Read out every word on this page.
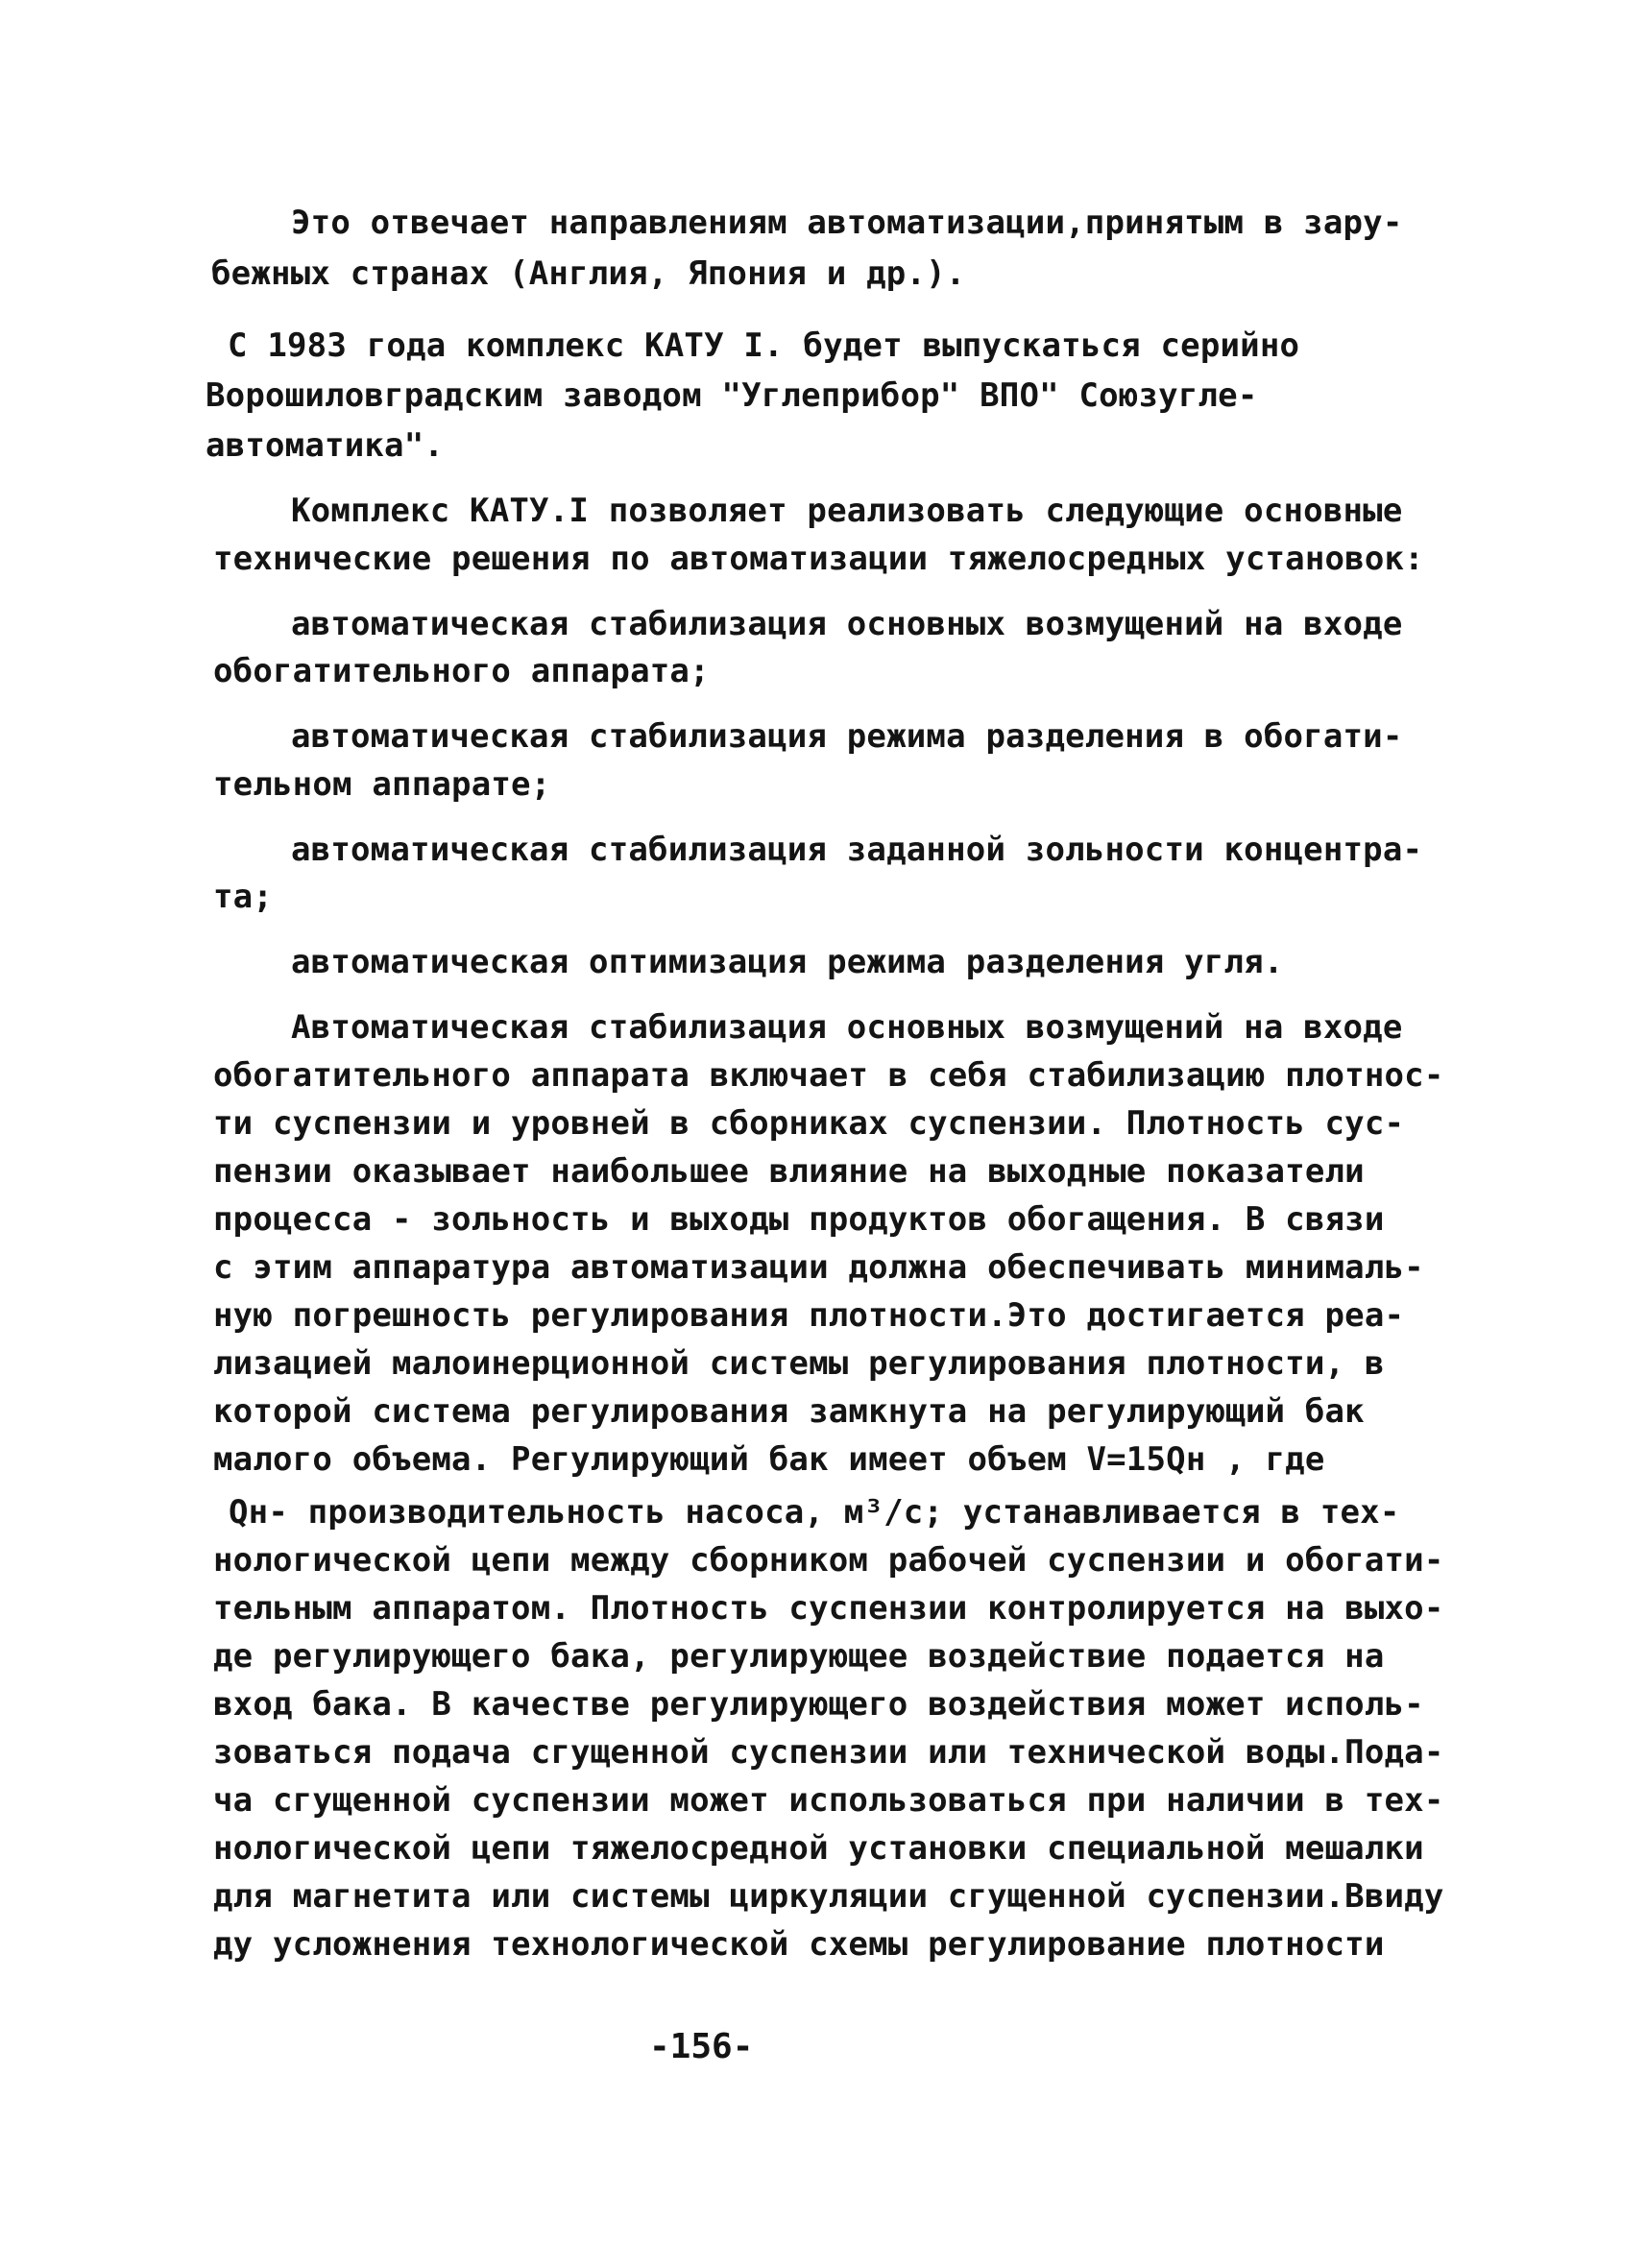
Это отвечает направлениям автоматизации,принятым в зару-
бежных странах (Англия, Япония и др.).
С 1983 года комплекс КАТУ I. будет выпускаться серийно
Ворошиловградским заводом "Углеприбор" ВПО" Союзугле-
автоматика".
Комплекс КАТУ.I позволяет реализовать следующие основные
технические решения по автоматизации тяжелосредных установок:
автоматическая стабилизация основных возмущений на входе
обогатительного аппарата;
автоматическая стабилизация режима разделения в обогати-
тельном аппарате;
автоматическая стабилизация заданной зольности концентра-
та;
автоматическая оптимизация режима разделения угля.
Автоматическая стабилизация основных возмущений на входе
обогатительного аппарата включает в себя стабилизацию плотнос-
ти суспензии и уровней в сборниках суспензии. Плотность сус-
пензии оказывает наибольшее влияние на выходные показатели
процесса - зольность и выходы продуктов обогащения. В связи
с этим аппаратура автоматизации должна обеспечивать минималь-
ную погрешность регулирования плотности.Это достигается реа-
лизацией малоинерционной системы регулирования плотности, в
которой система регулирования замкнута на регулирующий бак
малого объема. Регулирующий бак имеет объем V=15Qн , где
Qн- производительность насоса, м³/с; устанавливается в тех-
нологической цепи между сборником рабочей суспензии и обогати-
тельным аппаратом. Плотность суспензии контролируется на выхо-
де регулирующего бака, регулирующее воздействие подается на
вход бака. В качестве регулирующего воздействия может исполь-
зоваться подача сгущенной суспензии или технической воды.Пода-
ча сгущенной суспензии может использоваться при наличии в тех-
нологической цепи тяжелосредной установки специальной мешалки
для магнетита или системы циркуляции сгущенной суспензии.Ввиду
ду усложнения технологической схемы регулирование плотности
-156-
